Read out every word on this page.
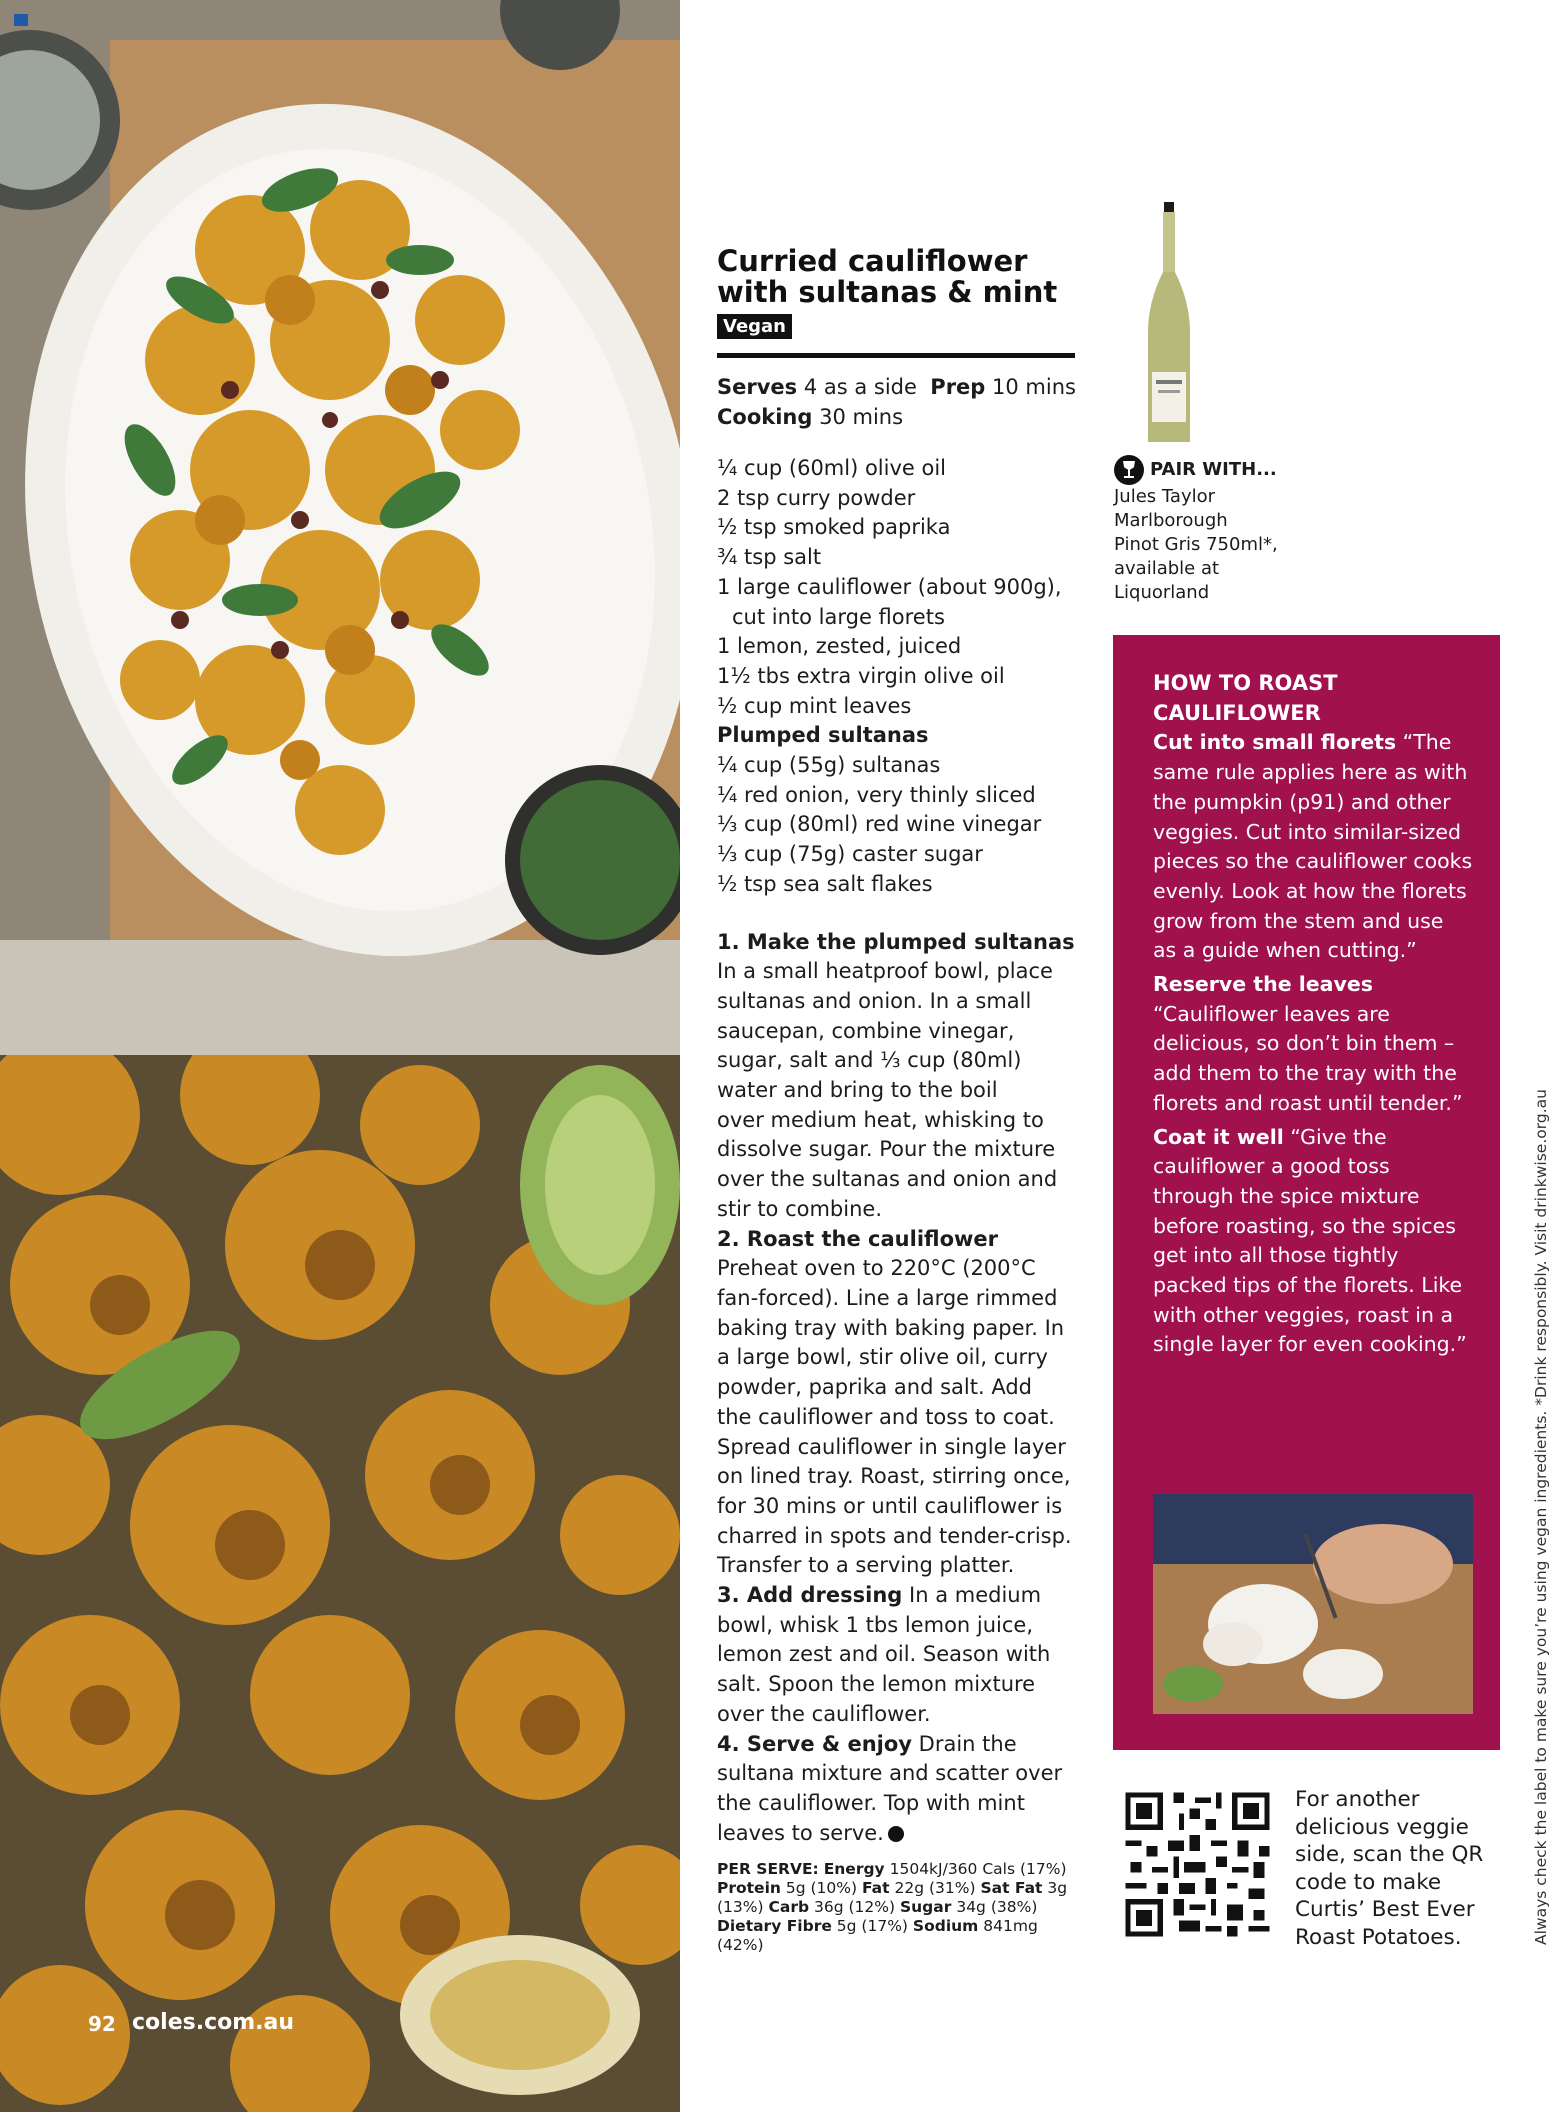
92 coles.com.au
Curried cauliflower
with sultanas & mint
Vegan
Serves 4 as a side Prep 10 mins
Cooking 30 mins
¼ cup (60ml) olive oil
2 tsp curry powder
½ tsp smoked paprika
¾ tsp salt
1 large cauliflower (about 900g),
cut into large florets
1 lemon, zested, juiced
1½ tbs extra virgin olive oil
½ cup mint leaves
Plumped sultanas
¼ cup (55g) sultanas
¼ red onion, very thinly sliced
⅓ cup (80ml) red wine vinegar
⅓ cup (75g) caster sugar
½ tsp sea salt flakes
1. Make the plumped sultanas
In a small heatproof bowl, place
sultanas and onion. In a small
saucepan, combine vinegar,
sugar, salt and ⅓ cup (80ml)
water and bring to the boil
over medium heat, whisking to
dissolve sugar. Pour the mixture
over the sultanas and onion and
stir to combine.
2. Roast the cauliflower
Preheat oven to 220°C (200°C
fan-forced). Line a large rimmed
baking tray with baking paper. In
a large bowl, stir olive oil, curry
powder, paprika and salt. Add
the cauliflower and toss to coat.
Spread cauliflower in single layer
on lined tray. Roast, stirring once,
for 30 mins or until cauliflower is
charred in spots and tender-crisp.
Transfer to a serving platter.
3. Add dressing In a medium
bowl, whisk 1 tbs lemon juice,
lemon zest and oil. Season with
salt. Spoon the lemon mixture
over the cauliflower.
4. Serve & enjoy Drain the
sultana mixture and scatter over
the cauliflower. Top with mint
leaves to serve.
PER SERVE: Energy 1504kJ/360 Cals (17%)
Protein 5g (10%) Fat 22g (31%) Sat Fat 3g
(13%) Carb 36g (12%) Sugar 34g (38%)
Dietary Fibre 5g (17%) Sodium 841mg (42%)
PAIR WITH...
Jules Taylor
Marlborough
Pinot Gris 750ml*,
available at
Liquorland
HOW TO ROAST
CAULIFLOWER

Cut into small florets “The same rule applies here as with the pumpkin (p91) and other veggies. Cut into similar-sized pieces so the cauliflower cooks evenly. Look at how the florets grow from the stem and use as a guide when cutting.”

Reserve the leaves “Cauliflower leaves are delicious, so don’t bin them – add them to the tray with the florets and roast until tender.”

Coat it well “Give the cauliflower a good toss through the spice mixture before roasting, so the spices get into all those tightly packed tips of the florets. Like with other veggies, roast in a single layer for even cooking.”

For another
delicious veggie
side, scan the QR
code to make
Curtis’ Best Ever
Roast Potatoes.	Always check the label to make sure you’re using vegan ingredients. *Drink responsibly. Visit drinkwise.org.au
